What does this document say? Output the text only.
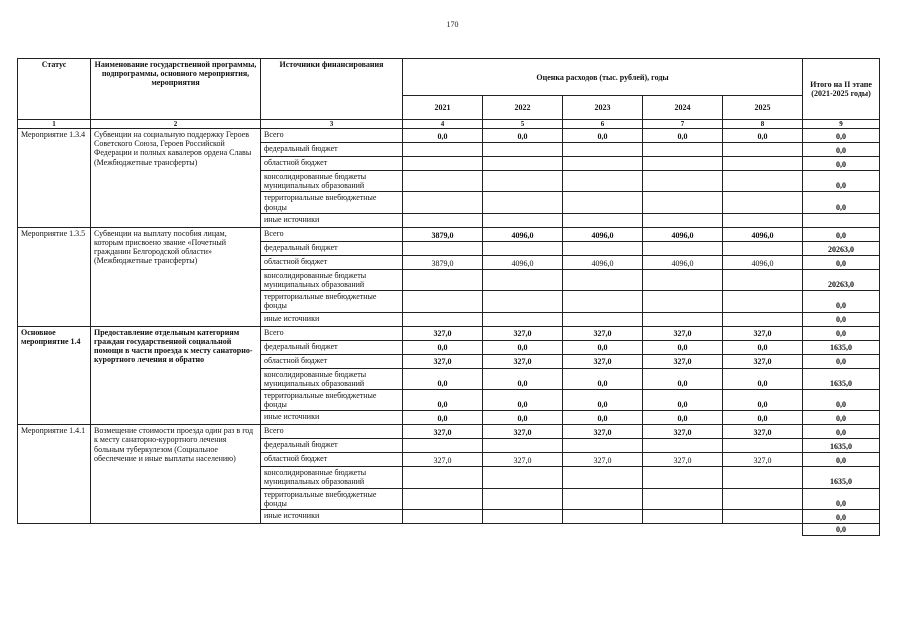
170
Статус	Наименование государственной программы, подпрограммы, основного мероприятия, мероприятия	Источники финансирования	Оценка расходов (тыс. рублей), годы					Итого на II этапе (2021-2025 годы)
			2021	2022	2023	2024	2025	
1	2	3	4	5	6	7	8	9
Мероприятие 1.3.4	Субвенции на социальную поддержку Героев Советского Союза, Героев Российской Федерации и полных кавалеров ордена Славы (Межбюджетные трансферты)	Всего	0,0	0,0	0,0	0,0	0,0	0,0
		федеральный бюджет						0,0
		областной бюджет						0,0
		консолидированные бюджеты муниципальных образований						0,0
		территориальные внебюджетные фонды						0,0
		иные источники						
Мероприятие 1.3.5	Субвенции на выплату пособия лицам, которым присвоено звание «Почетный гражданин Белгородской области» (Межбюджетные трансферты)	Всего	3879,0	4096,0	4096,0	4096,0	4096,0	0,0
		федеральный бюджет						20263,0
		областной бюджет	3879,0	4096,0	4096,0	4096,0	4096,0	0,0
		консолидированные бюджеты муниципальных образований						20263,0
		территориальные внебюджетные фонды						0,0
		иные источники						0,0
Основное мероприятие 1.4	Предоставление отдельным категориям граждан государственной социальной помощи в части проезда к месту санаторно-курортного лечения и обратно	Всего	327,0	327,0	327,0	327,0	327,0	0,0
		федеральный бюджет	0,0	0,0	0,0	0,0	0,0	1635,0
		областной бюджет	327,0	327,0	327,0	327,0	327,0	0,0
		консолидированные бюджеты муниципальных образований	0,0	0,0	0,0	0,0	0,0	1635,0
		территориальные внебюджетные фонды	0,0	0,0	0,0	0,0	0,0	0,0
		иные источники	0,0	0,0	0,0	0,0	0,0	0,0
Мероприятие 1.4.1	Возмещение стоимости проезда один раз в год к месту санаторно-курортного лечения больным туберкулезом (Социальное обеспечение и иные выплаты населению)	Всего	327,0	327,0	327,0	327,0	327,0	0,0
		федеральный бюджет						1635,0
		областной бюджет	327,0	327,0	327,0	327,0	327,0	0,0
		консолидированные бюджеты муниципальных образований						1635,0
		территориальные внебюджетные фонды						0,0
		иные источники						0,0
								0,0
